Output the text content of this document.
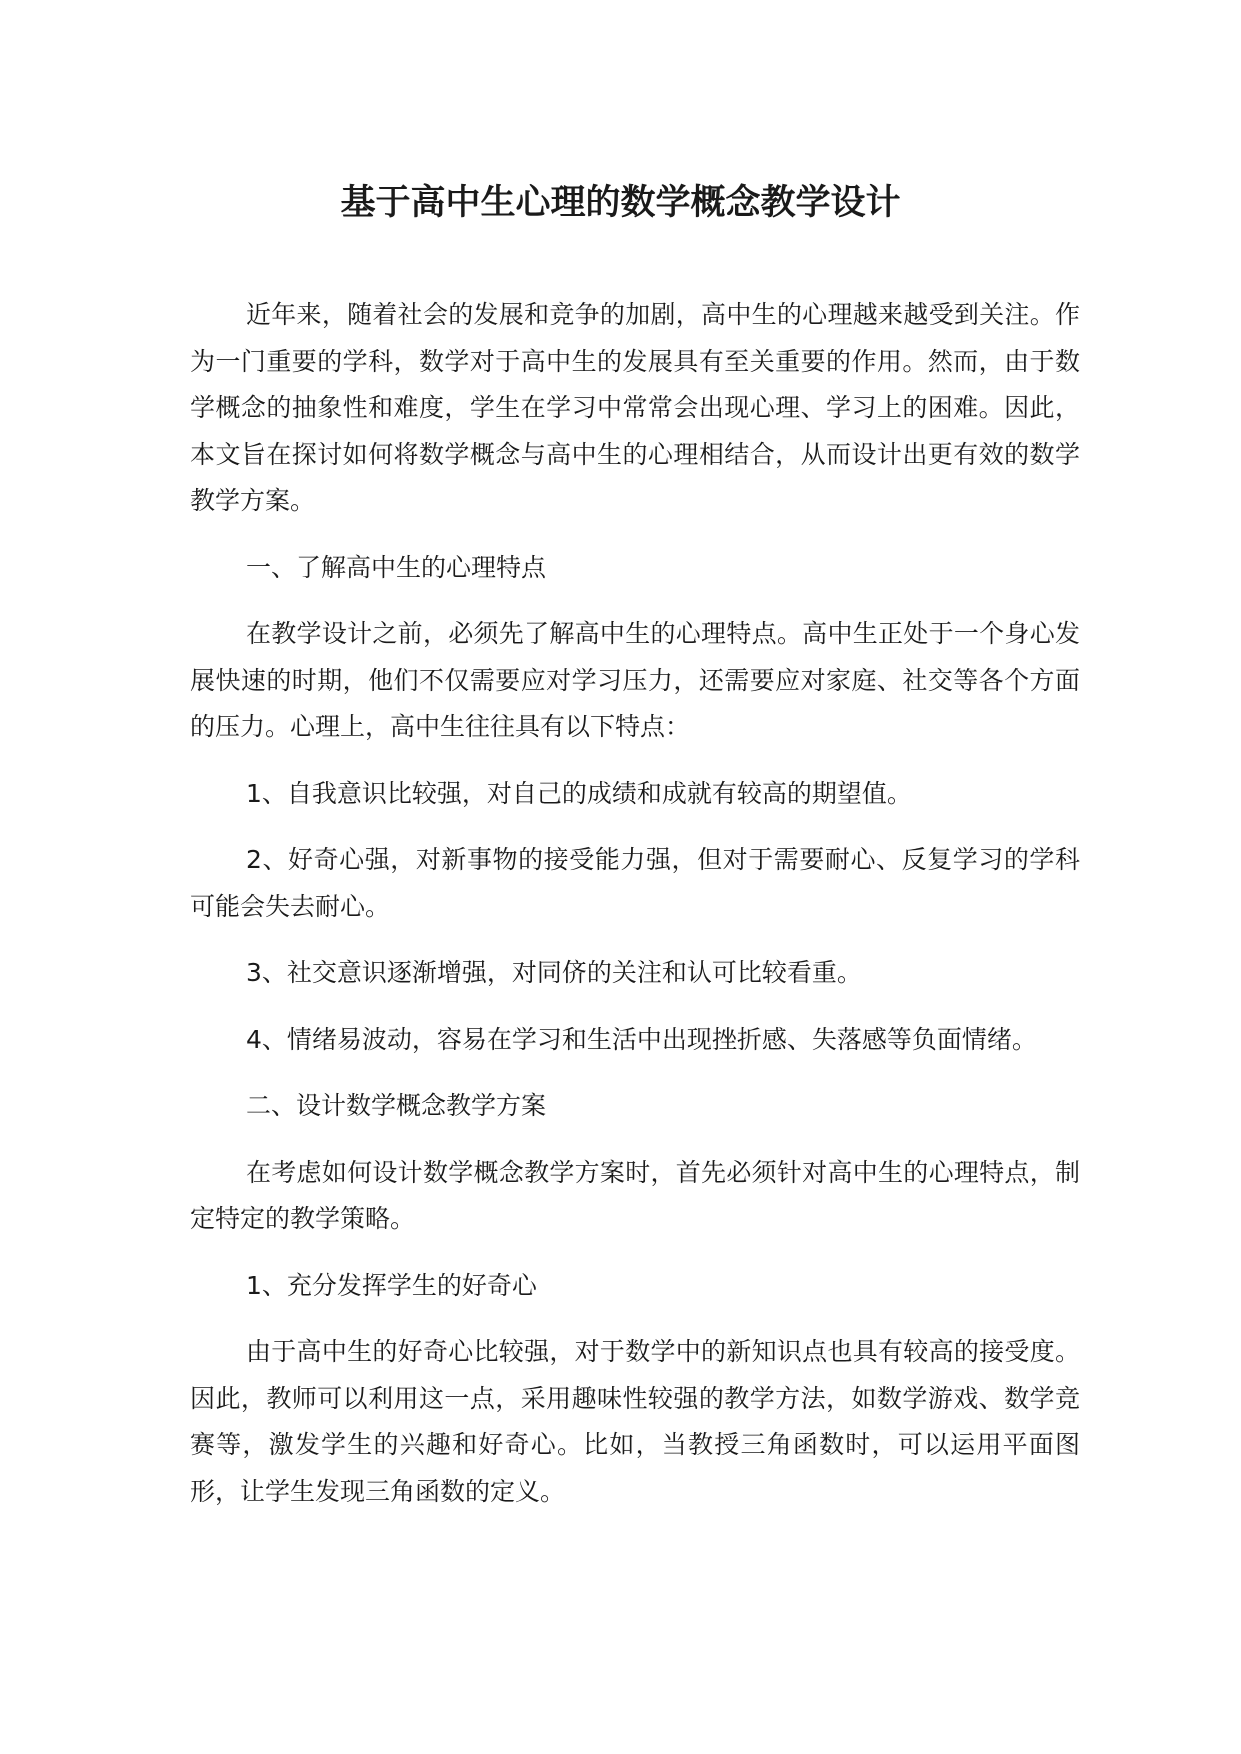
基于高中生心理的数学概念教学设计

近年来，随着社会的发展和竞争的加剧，高中生的心理越来越受到关注。作为一门重要的学科，数学对于高中生的发展具有至关重要的作用。然而，由于数学概念的抽象性和难度，学生在学习中常常会出现心理、学习上的困难。因此，本文旨在探讨如何将数学概念与高中生的心理相结合，从而设计出更有效的数学教学方案。

一、了解高中生的心理特点

在教学设计之前，必须先了解高中生的心理特点。高中生正处于一个身心发展快速的时期，他们不仅需要应对学习压力，还需要应对家庭、社交等各个方面的压力。心理上，高中生往往具有以下特点：

1、自我意识比较强，对自己的成绩和成就有较高的期望值。

2、好奇心强，对新事物的接受能力强，但对于需要耐心、反复学习的学科可能会失去耐心。

3、社交意识逐渐增强，对同侪的关注和认可比较看重。

4、情绪易波动，容易在学习和生活中出现挫折感、失落感等负面情绪。

二、设计数学概念教学方案

在考虑如何设计数学概念教学方案时，首先必须针对高中生的心理特点，制定特定的教学策略。

1、充分发挥学生的好奇心

由于高中生的好奇心比较强，对于数学中的新知识点也具有较高的接受度。因此，教师可以利用这一点，采用趣味性较强的教学方法，如数学游戏、数学竞赛等，激发学生的兴趣和好奇心。比如，当教授三角函数时，可以运用平面图形，让学生发现三角函数的定义。
